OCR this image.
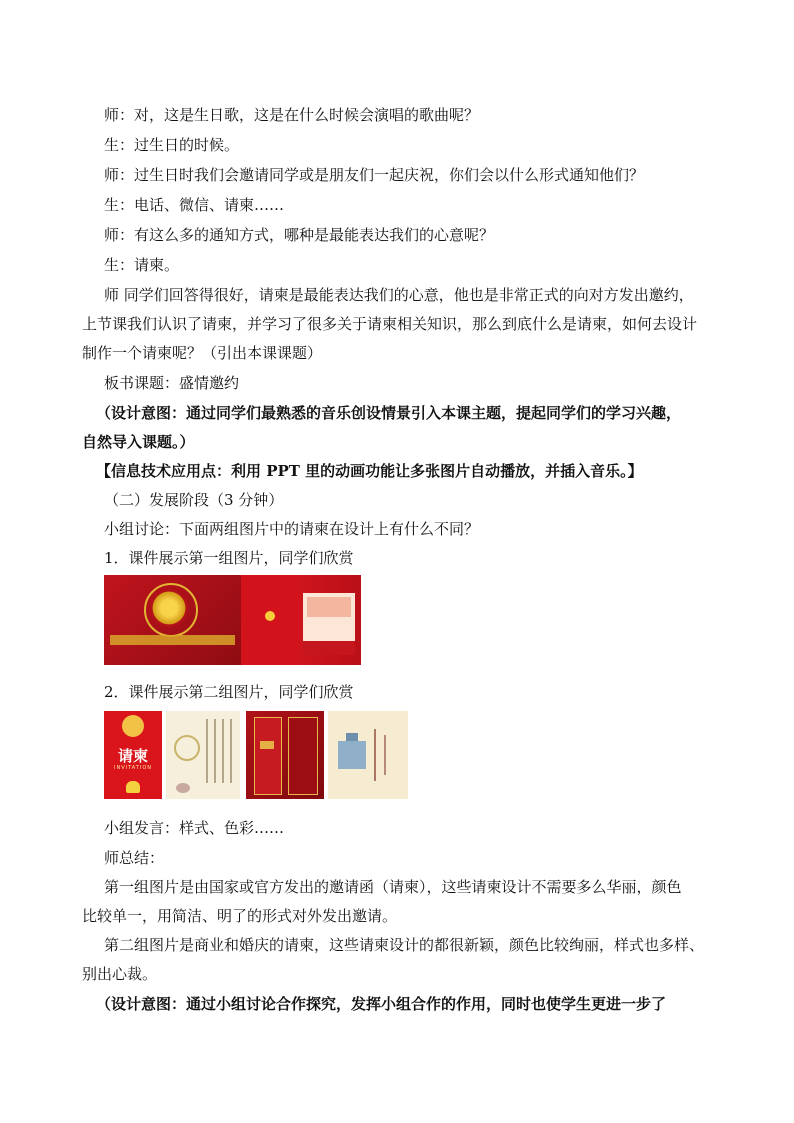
师：对，这是生日歌，这是在什么时候会演唱的歌曲呢？
生：过生日的时候。
师：过生日时我们会邀请同学或是朋友们一起庆祝，你们会以什么形式通知他们？
生：电话、微信、请柬……
师：有这么多的通知方式，哪种是最能表达我们的心意呢？
生：请柬。
师 同学们回答得很好，请柬是最能表达我们的心意，他也是非常正式的向对方发出邀约，
上节课我们认识了请柬，并学习了很多关于请柬相关知识，那么到底什么是请柬，如何去设计
制作一个请柬呢？（引出本课课题）
板书课题：盛情邀约
（设计意图：通过同学们最熟悉的音乐创设情景引入本课主题，提起同学们的学习兴趣，
自然导入课题。）
【信息技术应用点：利用 PPT 里的动画功能让多张图片自动播放，并插入音乐。】
（二）发展阶段（3 分钟）
小组讨论：下面两组图片中的请柬在设计上有什么不同？
1．课件展示第一组图片，同学们欣赏
2．课件展示第二组图片，同学们欣赏
请柬
INVITATION
小组发言：样式、色彩……
师总结：
第一组图片是由国家或官方发出的邀请函（请柬），这些请柬设计不需要多么华丽，颜色
比较单一，用简洁、明了的形式对外发出邀请。
第二组图片是商业和婚庆的请柬，这些请柬设计的都很新颖，颜色比较绚丽，样式也多样、
别出心裁。
（设计意图：通过小组讨论合作探究，发挥小组合作的作用，同时也使学生更进一步了
